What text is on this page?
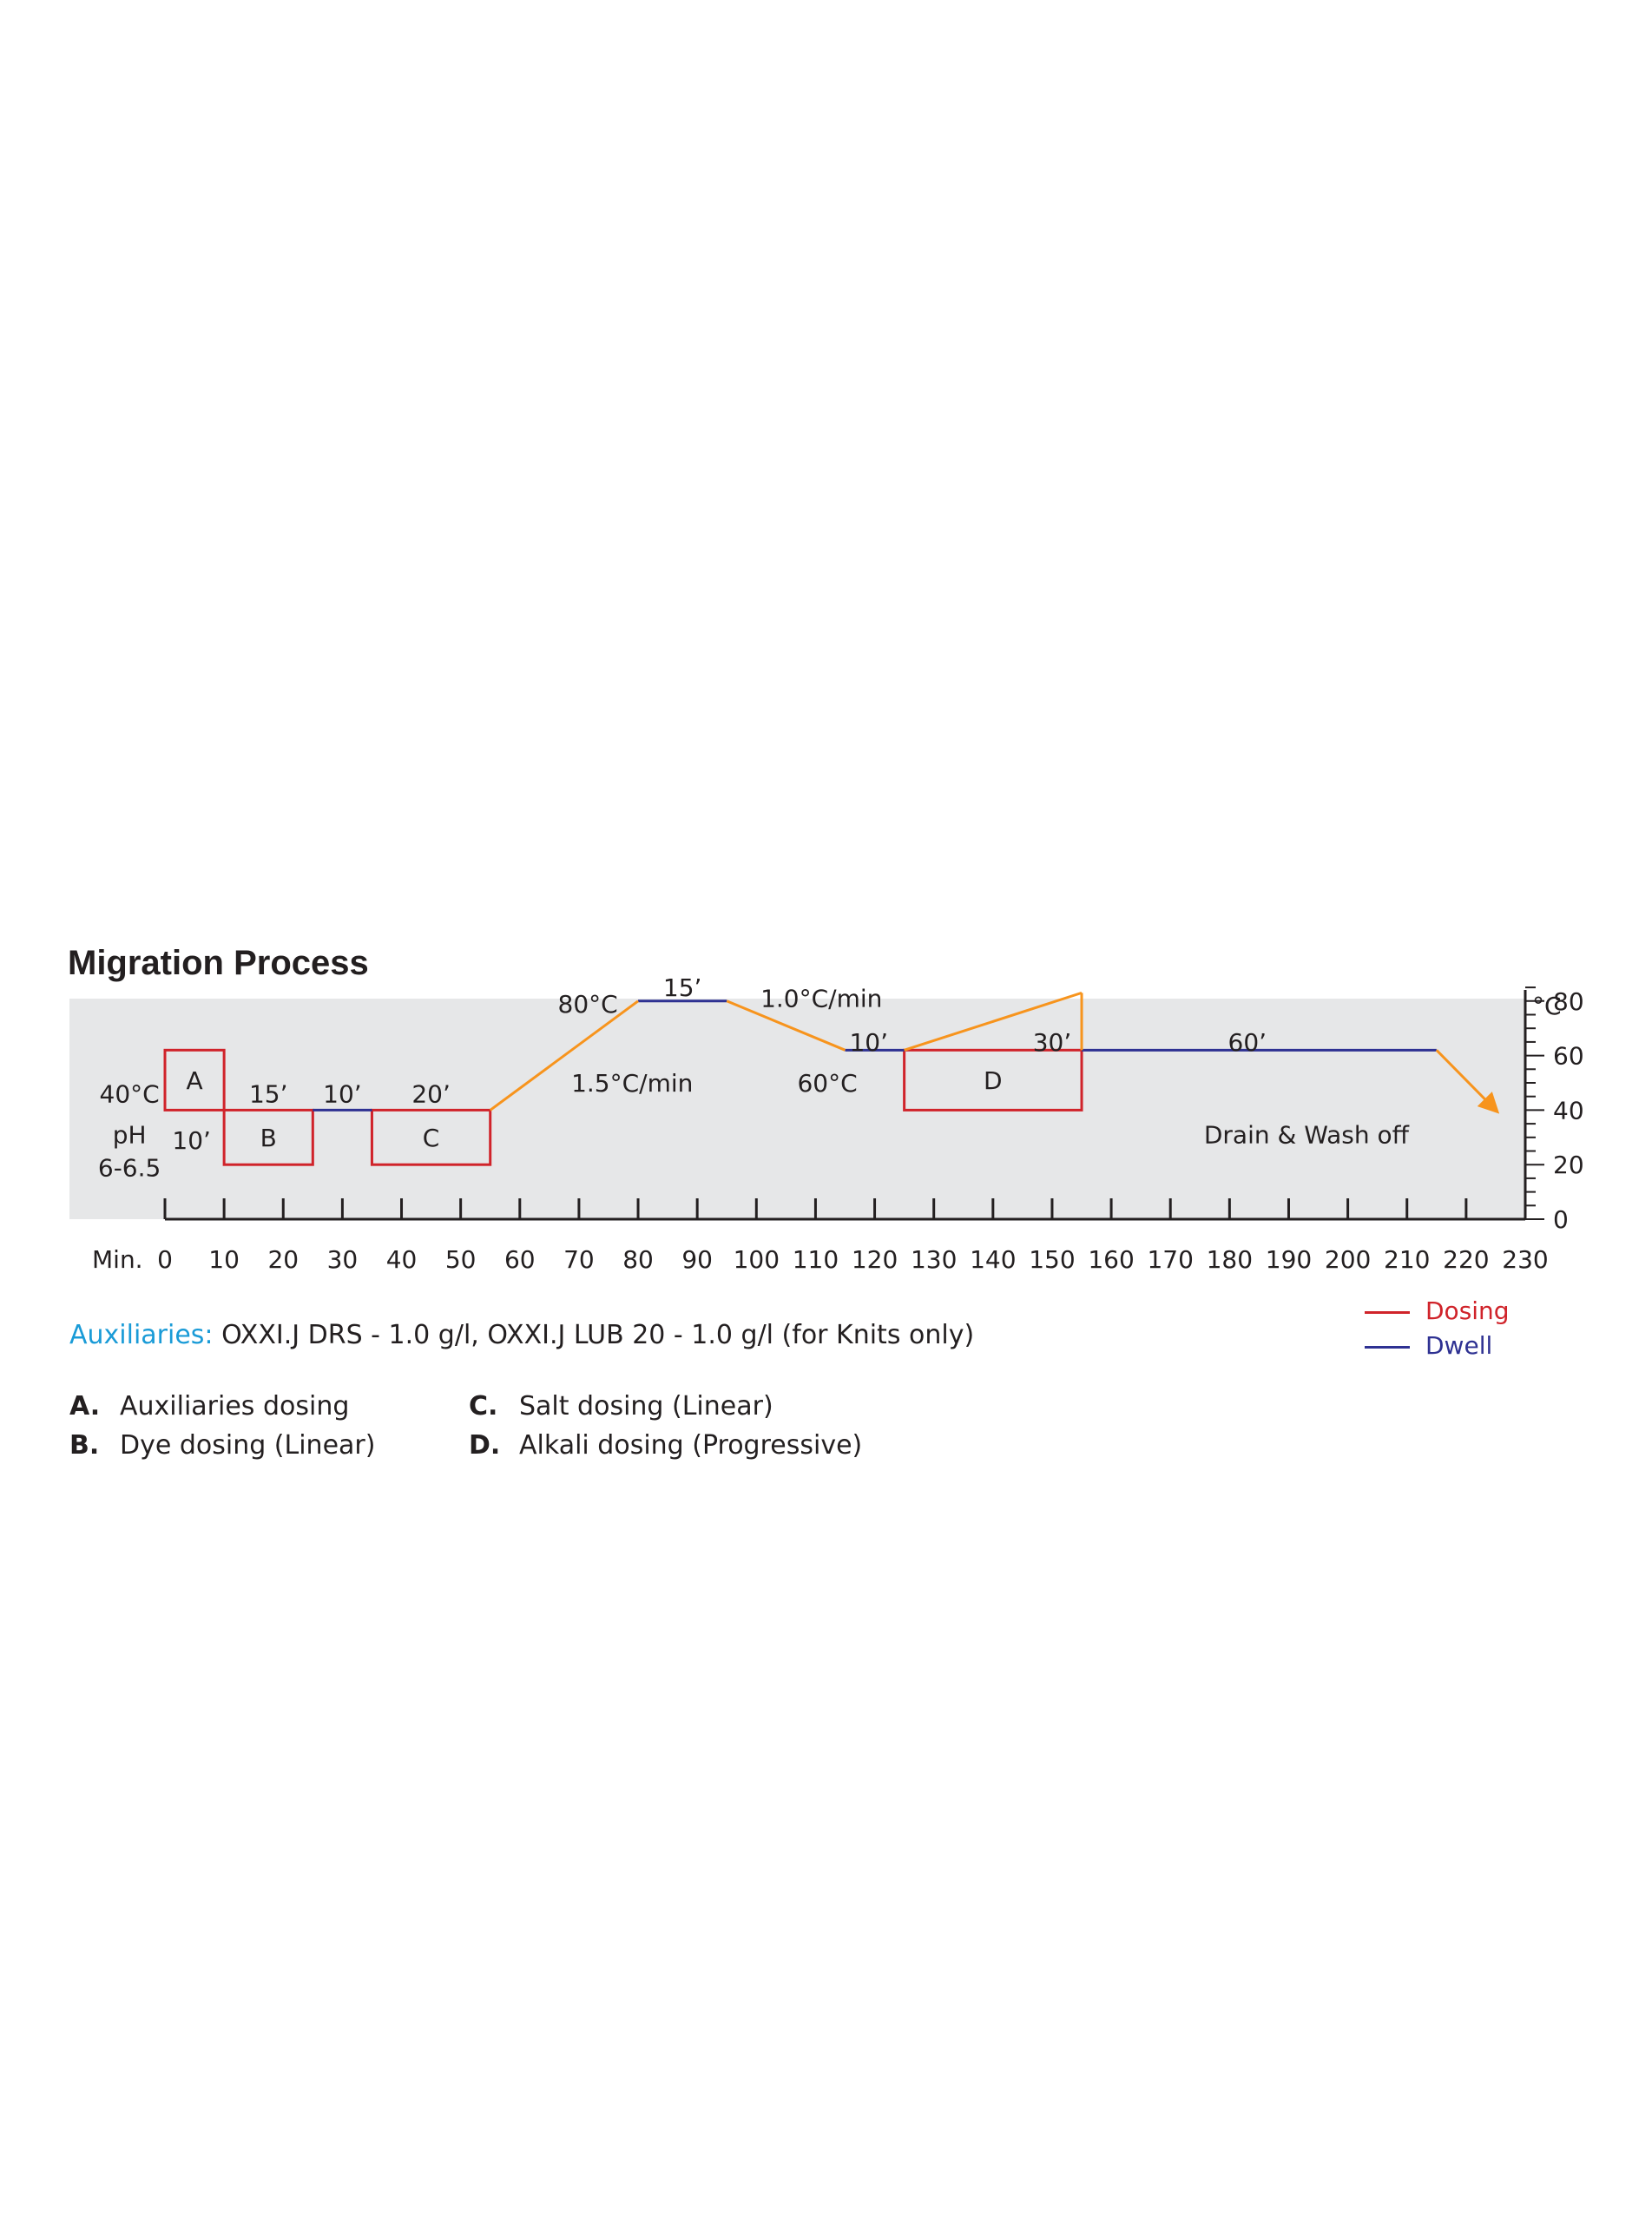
Migration Process
Min. 0 10 20 30 40 50 60 70 80 90 100 110 120 130 140 150 160 170 180 190 200 210 220 230
°C
0
20
40
60
80
A
B	C
D
40°C
pH
6-6.5
10’
15’ 10’ 20’
80°C
15’ 1.0°C/min
1.5°C/min
10’
60°C
30’	60’
Drain & Wash off
Auxiliaries: OXXI.J DRS - 1.0 g/l, OXXI.J LUB 20 - 1.0 g/l (for Knits only)
Dosing
Dwell
A. Auxiliaries dosing
B. Dye dosing (Linear)
C. Salt dosing (Linear)
D. Alkali dosing (Progressive)
